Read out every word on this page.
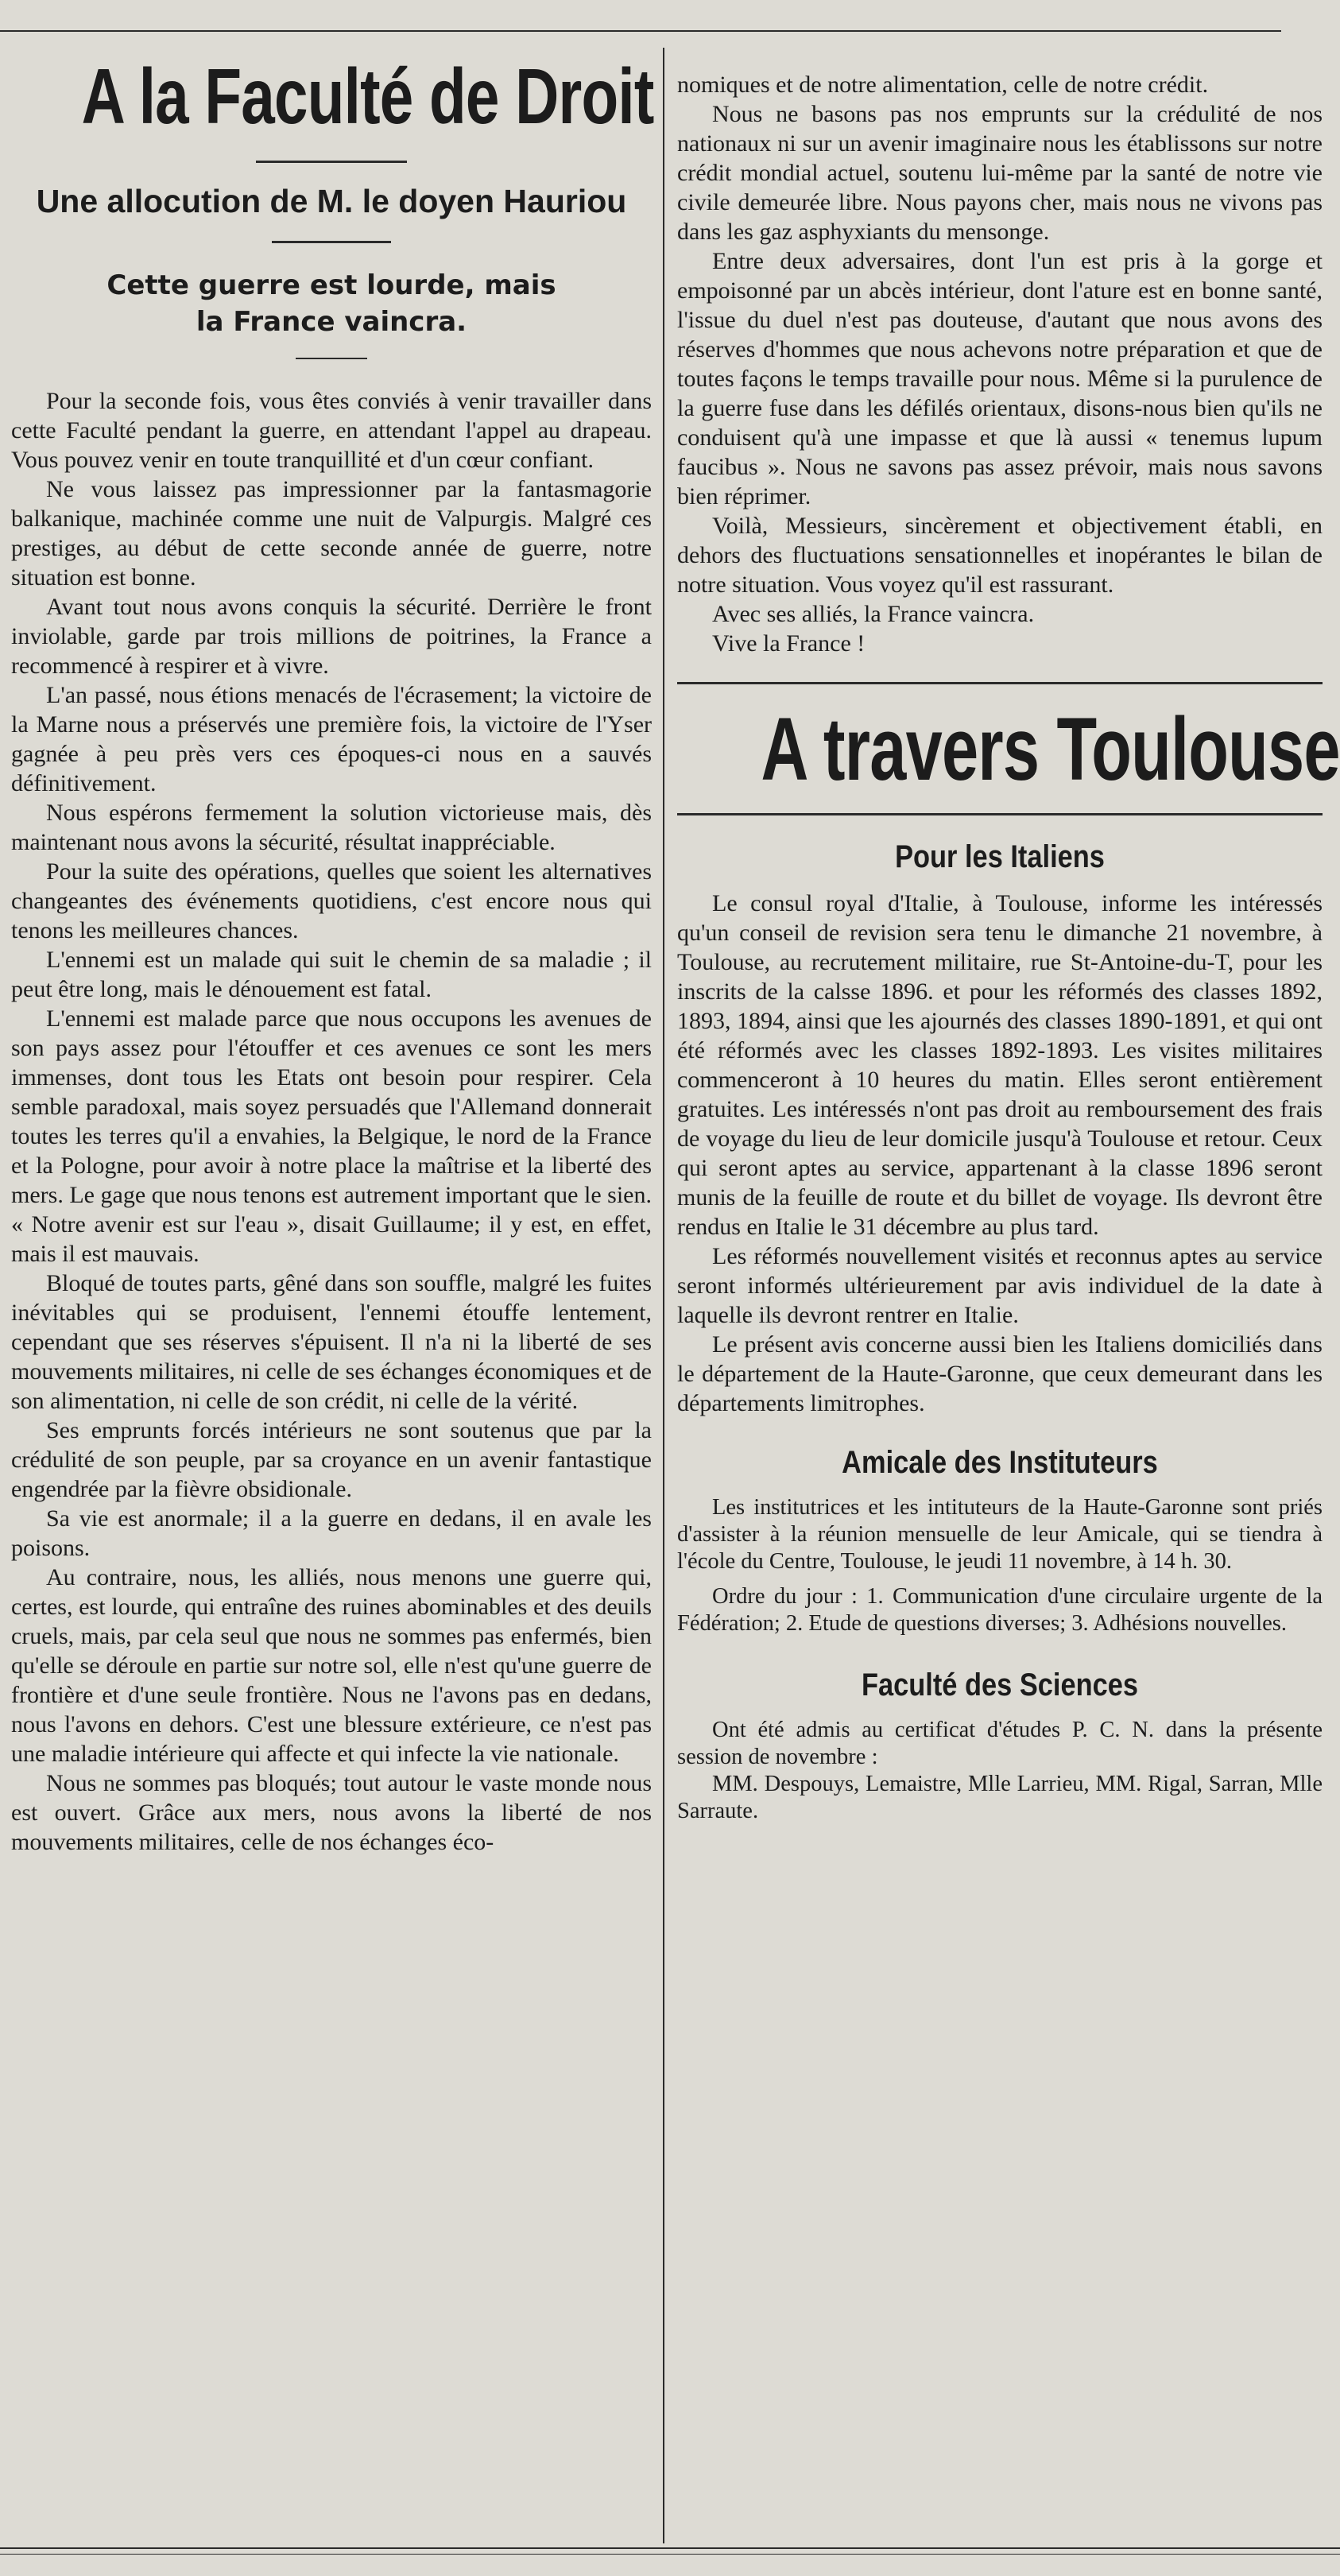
A la Faculté de Droit
Une allocution de M. le doyen Hauriou

Cette guerre est lourde, mais

la France vaincra.

Pour la seconde fois, vous êtes conviés à venir travailler dans cette Faculté pendant la guerre, en attendant l'appel au drapeau. Vous pouvez venir en toute tranquillité et d'un cœur confiant.

Ne vous laissez pas impressionner par la fantasmagorie balkanique, machinée comme une nuit de Valpurgis. Malgré ces prestiges, au début de cette seconde année de guerre, notre situation est bonne.

Avant tout nous avons conquis la sécurité. Derrière le front inviolable, garde par trois millions de poitrines, la France a recommencé à respirer et à vivre.

L'an passé, nous étions menacés de l'écrasement; la victoire de la Marne nous a préservés une première fois, la victoire de l'Yser gagnée à peu près vers ces époques-ci nous en a sauvés définitivement.

Nous espérons fermement la solution victorieuse mais, dès maintenant nous avons la sécurité, résultat inappréciable.

Pour la suite des opérations, quelles que soient les alternatives changeantes des événements quotidiens, c'est encore nous qui tenons les meilleures chances.

L'ennemi est un malade qui suit le chemin de sa maladie ; il peut être long, mais le dénouement est fatal.

L'ennemi est malade parce que nous occupons les avenues de son pays assez pour l'étouffer et ces avenues ce sont les mers immenses, dont tous les Etats ont besoin pour respirer. Cela semble paradoxal, mais soyez persuadés que l'Allemand donnerait toutes les terres qu'il a envahies, la Belgique, le nord de la France et la Pologne, pour avoir à notre place la maîtrise et la liberté des mers. Le gage que nous tenons est autrement important que le sien. « Notre avenir est sur l'eau », disait Guillaume; il y est, en effet, mais il est mauvais.

Bloqué de toutes parts, gêné dans son souffle, malgré les fuites inévitables qui se produisent, l'ennemi étouffe lentement, cependant que ses réserves s'épuisent. Il n'a ni la liberté de ses mouvements militaires, ni celle de ses échanges économiques et de son alimentation, ni celle de son crédit, ni celle de la vérité.

Ses emprunts forcés intérieurs ne sont soutenus que par la crédulité de son peuple, par sa croyance en un avenir fantastique engendrée par la fièvre obsidionale.

Sa vie est anormale; il a la guerre en dedans, il en avale les poisons.

Au contraire, nous, les alliés, nous menons une guerre qui, certes, est lourde, qui entraîne des ruines abominables et des deuils cruels, mais, par cela seul que nous ne sommes pas enfermés, bien qu'elle se déroule en partie sur notre sol, elle n'est qu'une guerre de frontière et d'une seule frontière. Nous ne l'avons pas en dedans, nous l'avons en dehors. C'est une blessure extérieure, ce n'est pas une maladie intérieure qui affecte et qui infecte la vie nationale.

Nous ne sommes pas bloqués; tout autour le vaste monde nous est ouvert. Grâce aux mers, nous avons la liberté de nos mouvements militaires, celle de nos échanges éco-

nomiques et de notre alimentation, celle de notre crédit.

Nous ne basons pas nos emprunts sur la crédulité de nos nationaux ni sur un avenir imaginaire nous les établissons sur notre crédit mondial actuel, soutenu lui-même par la santé de notre vie civile demeurée libre. Nous payons cher, mais nous ne vivons pas dans les gaz asphyxiants du mensonge.

Entre deux adversaires, dont l'un est pris à la gorge et empoisonné par un abcès intérieur, dont l'ature est en bonne santé, l'issue du duel n'est pas douteuse, d'autant que nous avons des réserves d'hommes que nous achevons notre préparation et que de toutes façons le temps travaille pour nous. Même si la purulence de la guerre fuse dans les défilés orientaux, disons-nous bien qu'ils ne conduisent qu'à une impasse et que là aussi « tenemus lupum faucibus ». Nous ne savons pas assez prévoir, mais nous savons bien réprimer.

Voilà, Messieurs, sincèrement et objectivement établi, en dehors des fluctuations sensationnelles et inopérantes le bilan de notre situation. Vous voyez qu'il est rassurant.

Avec ses alliés, la France vaincra.

Vive la France !

A travers Toulouse
Pour les Italiens

Le consul royal d'Italie, à Toulouse, informe les intéressés qu'un conseil de revision sera tenu le dimanche 21 novembre, à Toulouse, au recrutement militaire, rue St-Antoine-du-T, pour les inscrits de la calsse 1896. et pour les réformés des classes 1892, 1893, 1894, ainsi que les ajournés des classes 1890-1891, et qui ont été réformés avec les classes 1892-1893. Les visites militaires commenceront à 10 heures du matin. Elles seront entièrement gratuites. Les intéressés n'ont pas droit au remboursement des frais de voyage du lieu de leur domicile jusqu'à Toulouse et retour. Ceux qui seront aptes au service, appartenant à la classe 1896 seront munis de la feuille de route et du billet de voyage. Ils devront être rendus en Italie le 31 décembre au plus tard.

Les réformés nouvellement visités et reconnus aptes au service seront informés ultérieurement par avis individuel de la date à laquelle ils devront rentrer en Italie.

Le présent avis concerne aussi bien les Italiens domiciliés dans le département de la Haute-Garonne, que ceux demeurant dans les départements limitrophes.

Amicale des Instituteurs

Les institutrices et les intituteurs de la Haute-Garonne sont priés d'assister à la réunion mensuelle de leur Amicale, qui se tiendra à l'école du Centre, Toulouse, le jeudi 11 novembre, à 14 h. 30.

Ordre du jour : 1. Communication d'une circulaire urgente de la Fédération; 2. Etude de questions diverses; 3. Adhésions nouvelles.

Faculté des Sciences

Ont été admis au certificat d'études P. C. N. dans la présente session de novembre :

MM. Despouys, Lemaistre, Mlle Larrieu, MM. Rigal, Sarran, Mlle Sarraute.
